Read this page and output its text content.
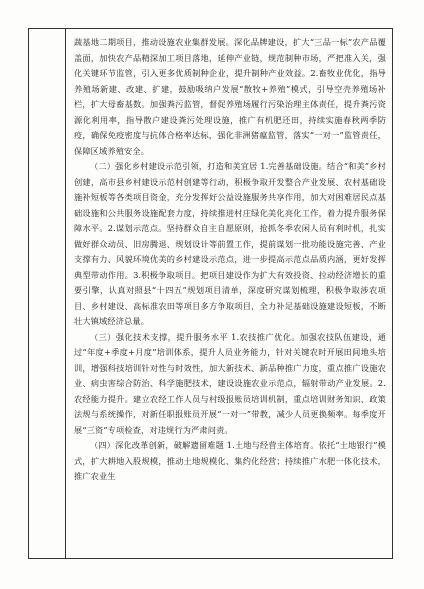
蔬基地二期项目，推动设施农业集群发展。深化品牌建设，扩大“三品一标”农产品覆盖面，加快农产品精深加工项目落地，延伸产业链，规范制种市场，严把准入关，强化关键环节监管，引入更多优质制种企业，提升制种产业效益。2.畜牧业优化，指导养殖场新建、改建、扩建，鼓励吸纳户发展“散牧+养殖”模式，引导空壳养殖场补栏，扩大母畜基数。加强粪污监管，督促养殖场履行污染治理主体责任，提升粪污资源化利用率，指导散户建设粪污处理设施，推广有机肥还田，持续实施春秋两季防疫，确保免疫密度与抗体合格率达标，强化非洲猪瘟监管，落实“一对一”监管责任，保障区域养殖安全。

（二）强化乡村建设示范引领，打造和美宜居 1.完善基础设施。结合“和美”乡村创建，高市县乡村建设示范村创建等行动，积极争取开发整合产业发展、农村基础设施补短板等各类项目资金，充分发挥好公益设施服务共享作用，加大对困难居民点基础设施和公共服务设施配套力度，持续推进村庄绿化美化亮化工作，着力提升服务保障水平。2.谋划示范点。坚持群众自主自愿原则，抢抓冬季农闲人员有利时机，扎实做好群众动员、旧房腾退、规划设计等前置工作，提前谋划一批功能设施完善、产业支撑有力、风貌环境优美的乡村建设示范点，进一步提高示范点品质内涵，更好发挥典型带动作用。3.积极争取项目。把项目建设作为扩大有效投资、拉动经济增长的重要引擎，认真对照县“十四五”规划项目清单，深度研究谋划梳理，积极争取涉农项目、乡村建设、高标准农田等项目多方争取项目，全力补足基础设施建设短板，不断壮大镇域经济总量。

（三）强化技术支撑，提升服务水平 1.农技推广优化。加强农技队伍建设，通过“年度+季度+月度”培训体系，提升人员业务能力，针对关键农时开展田间地头培训，增强科技培训针对性与时效性，加大新技术、新品种推广力度，重点推广设施农业、病虫害综合防治、科学施肥技术，建设设施农业示范点，辐射带动产业发展。2.农经能力提升。建立农经工作人员与村级报账员培训机制，重点培训财务知识、政策法规与系统操作，对新任职报账员开展“一对一”带教，减少人员更换频率。每季度开展“三资”专项检查，对违规行为严肃问责。

（四）深化改革创新，破解遗留难题 1.土地与经营主体培育。依托“土地银行”模式，扩大耕地入股规模，推动土地规模化、集约化经营；持续推广水肥一体化技术，推广农业生
